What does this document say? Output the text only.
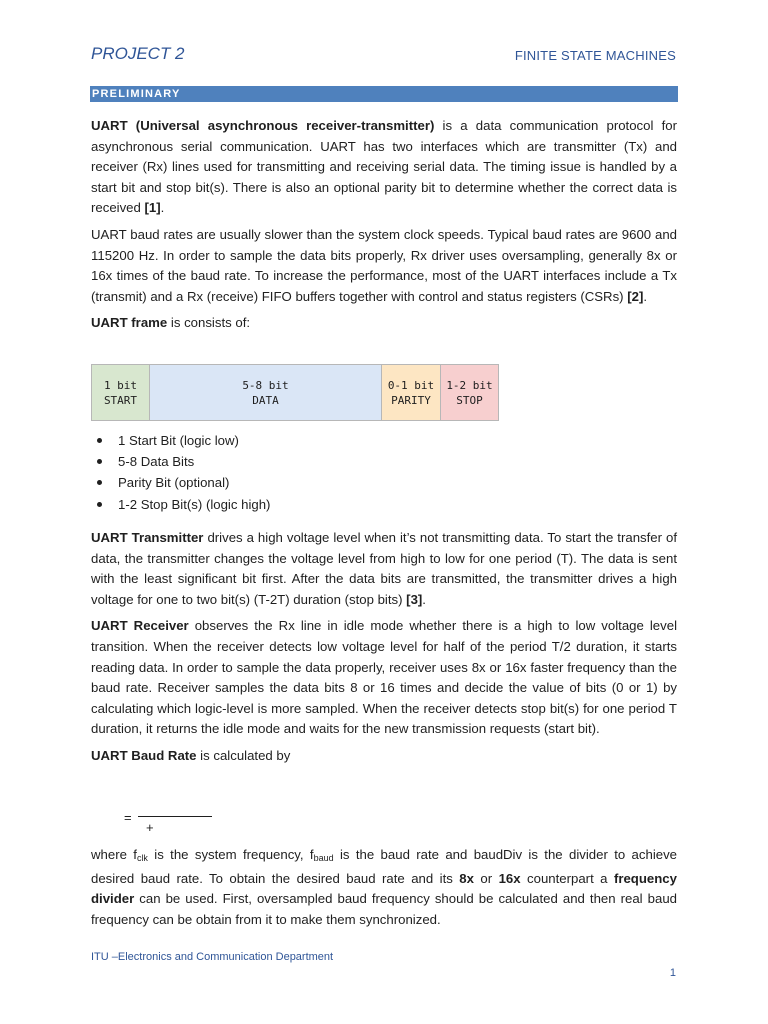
PROJECT 2	FINITE STATE MACHINES
PRELIMINARY

UART (Universal asynchronous receiver-transmitter) is a data communication protocol for asynchronous serial communication. UART has two interfaces which are transmitter (Tx) and receiver (Rx) lines used for transmitting and receiving serial data. The timing issue is handled by a start bit and stop bit(s). There is also an optional parity bit to determine whether the correct data is received [1].

UART baud rates are usually slower than the system clock speeds. Typical baud rates are 9600 and 115200 Hz. In order to sample the data bits properly, Rx driver uses oversampling, generally 8x or 16x times of the baud rate. To increase the performance, most of the UART interfaces include a Tx (transmit) and a Rx (receive) FIFO buffers together with control and status registers (CSRs) [2].

UART frame is consists of:

1 bit
START
5-8 bit
DATA
0-1 bit
PARITY
1-2 bit
STOP
1 Start Bit (logic low)
5-8 Data Bits
Parity Bit (optional)
1-2 Stop Bit(s) (logic high)

UART Transmitter drives a high voltage level when it’s not transmitting data. To start the transfer of data, the transmitter changes the voltage level from high to low for one period (T). The data is sent with the least significant bit first. After the data bits are transmitted, the transmitter drives a high voltage for one to two bit(s) (T-2T) duration (stop bits) [3].

UART Receiver observes the Rx line in idle mode whether there is a high to low voltage level transition. When the receiver detects low voltage level for half of the period T/2 duration, it starts reading data. In order to sample the data properly, receiver uses 8x or 16x faster frequency than the baud rate. Receiver samples the data bits 8 or 16 times and decide the value of bits (0 or 1) by calculating which logic-level is more sampled. When the receiver detects stop bit(s) for one period T duration, it returns the idle mode and waits for the new transmission requests (start bit).

UART Baud Rate is calculated by

=
+

where $f_{clk}$ is the system frequency, $f_{baud}$ is the baud rate and baudDiv is the divider to achieve desired baud rate. To obtain the desired baud rate and its 8x or 16x counterpart a frequency divider can be used. First, oversampled baud frequency should be calculated and then real baud frequency can be obtain from it to make them synchronized.

ITU –Electronics and Communication Department
1
